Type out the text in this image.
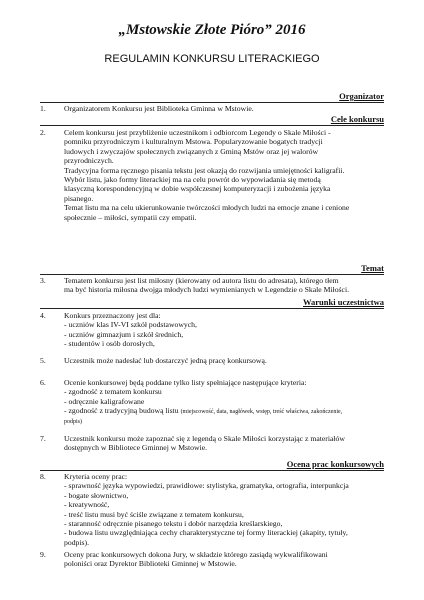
„Mstowskie Złote Pióro” 2016
REGULAMIN KONKURSU LITERACKIEGO
Organizator
1.	Organizatorem Konkursu jest Biblioteka Gminna w Mstowie.
Cele konkursu
2.	Celem konkursu jest przybliżenie uczestnikom i odbiorcom Legendy o Skale Miłości -
pomniku przyrodniczym i kulturalnym Mstowa. Popularyzowanie bogatych tradycji
ludowych i zwyczajów społecznych związanych z Gminą Mstów oraz jej walorów
przyrodniczych.
Tradycyjna forma ręcznego pisania tekstu jest okazją do rozwijania umiejętności kaligrafii.
Wybór listu, jako formy literackiej ma na celu powrót do wypowiadania się metodą
klasyczną korespondencyjną w dobie współczesnej komputeryzacji i zubożenia języka
pisanego.
Temat listu ma na celu ukierunkowanie twórczości młodych ludzi na emocje znane i cenione
społecznie – miłości, sympatii czy empatii.
Temat
3.	Tematem konkursu jest list miłosny (kierowany od autora listu do adresata), którego tłem
ma być historia miłosna dwojga młodych ludzi wymienianych w Legendzie o Skale Miłości.
Warunki uczestnictwa
4.	Konkurs przeznaczony jest dla:
- uczniów klas IV-VI szkół podstawowych,
- uczniów gimnazjum i szkół średnich,
- studentów i osób dorosłych,
5.	Uczestnik może nadesłać lub dostarczyć jedną pracę konkursową.
6.	Ocenie konkursowej będą poddane tylko listy spełniające następujące kryteria:
- zgodność z tematem konkursu
- odręcznie kaligrafowane
- zgodność z tradycyjną budową listu (miejscowość, data, nagłówek, wstęp, treść właściwa, zakończenie,
podpis)
7.	Uczestnik konkursu może zapoznać się z legendą o Skale Miłości korzystając z materiałów
dostępnych w Bibliotece Gminnej w Mstowie.
Ocena prac konkursowych
8.	Kryteria oceny prac:
- sprawność języka wypowiedzi, prawidłowe: stylistyka, gramatyka, ortografia, interpunkcja
- bogate słownictwo,
- kreatywność,
- treść listu musi być ściśle związane z tematem konkursu,
- staranność odręcznie pisanego tekstu i dobór narzędzia kreślarskiego,
- budowa listu uwzględniająca cechy charakterystyczne tej formy literackiej (akapity, tytuły,
podpis).
9.	Oceny prac konkursowych dokona Jury, w składzie którego zasiądą wykwalifikowani
poloniści oraz Dyrektor Biblioteki Gminnej w Mstowie.
